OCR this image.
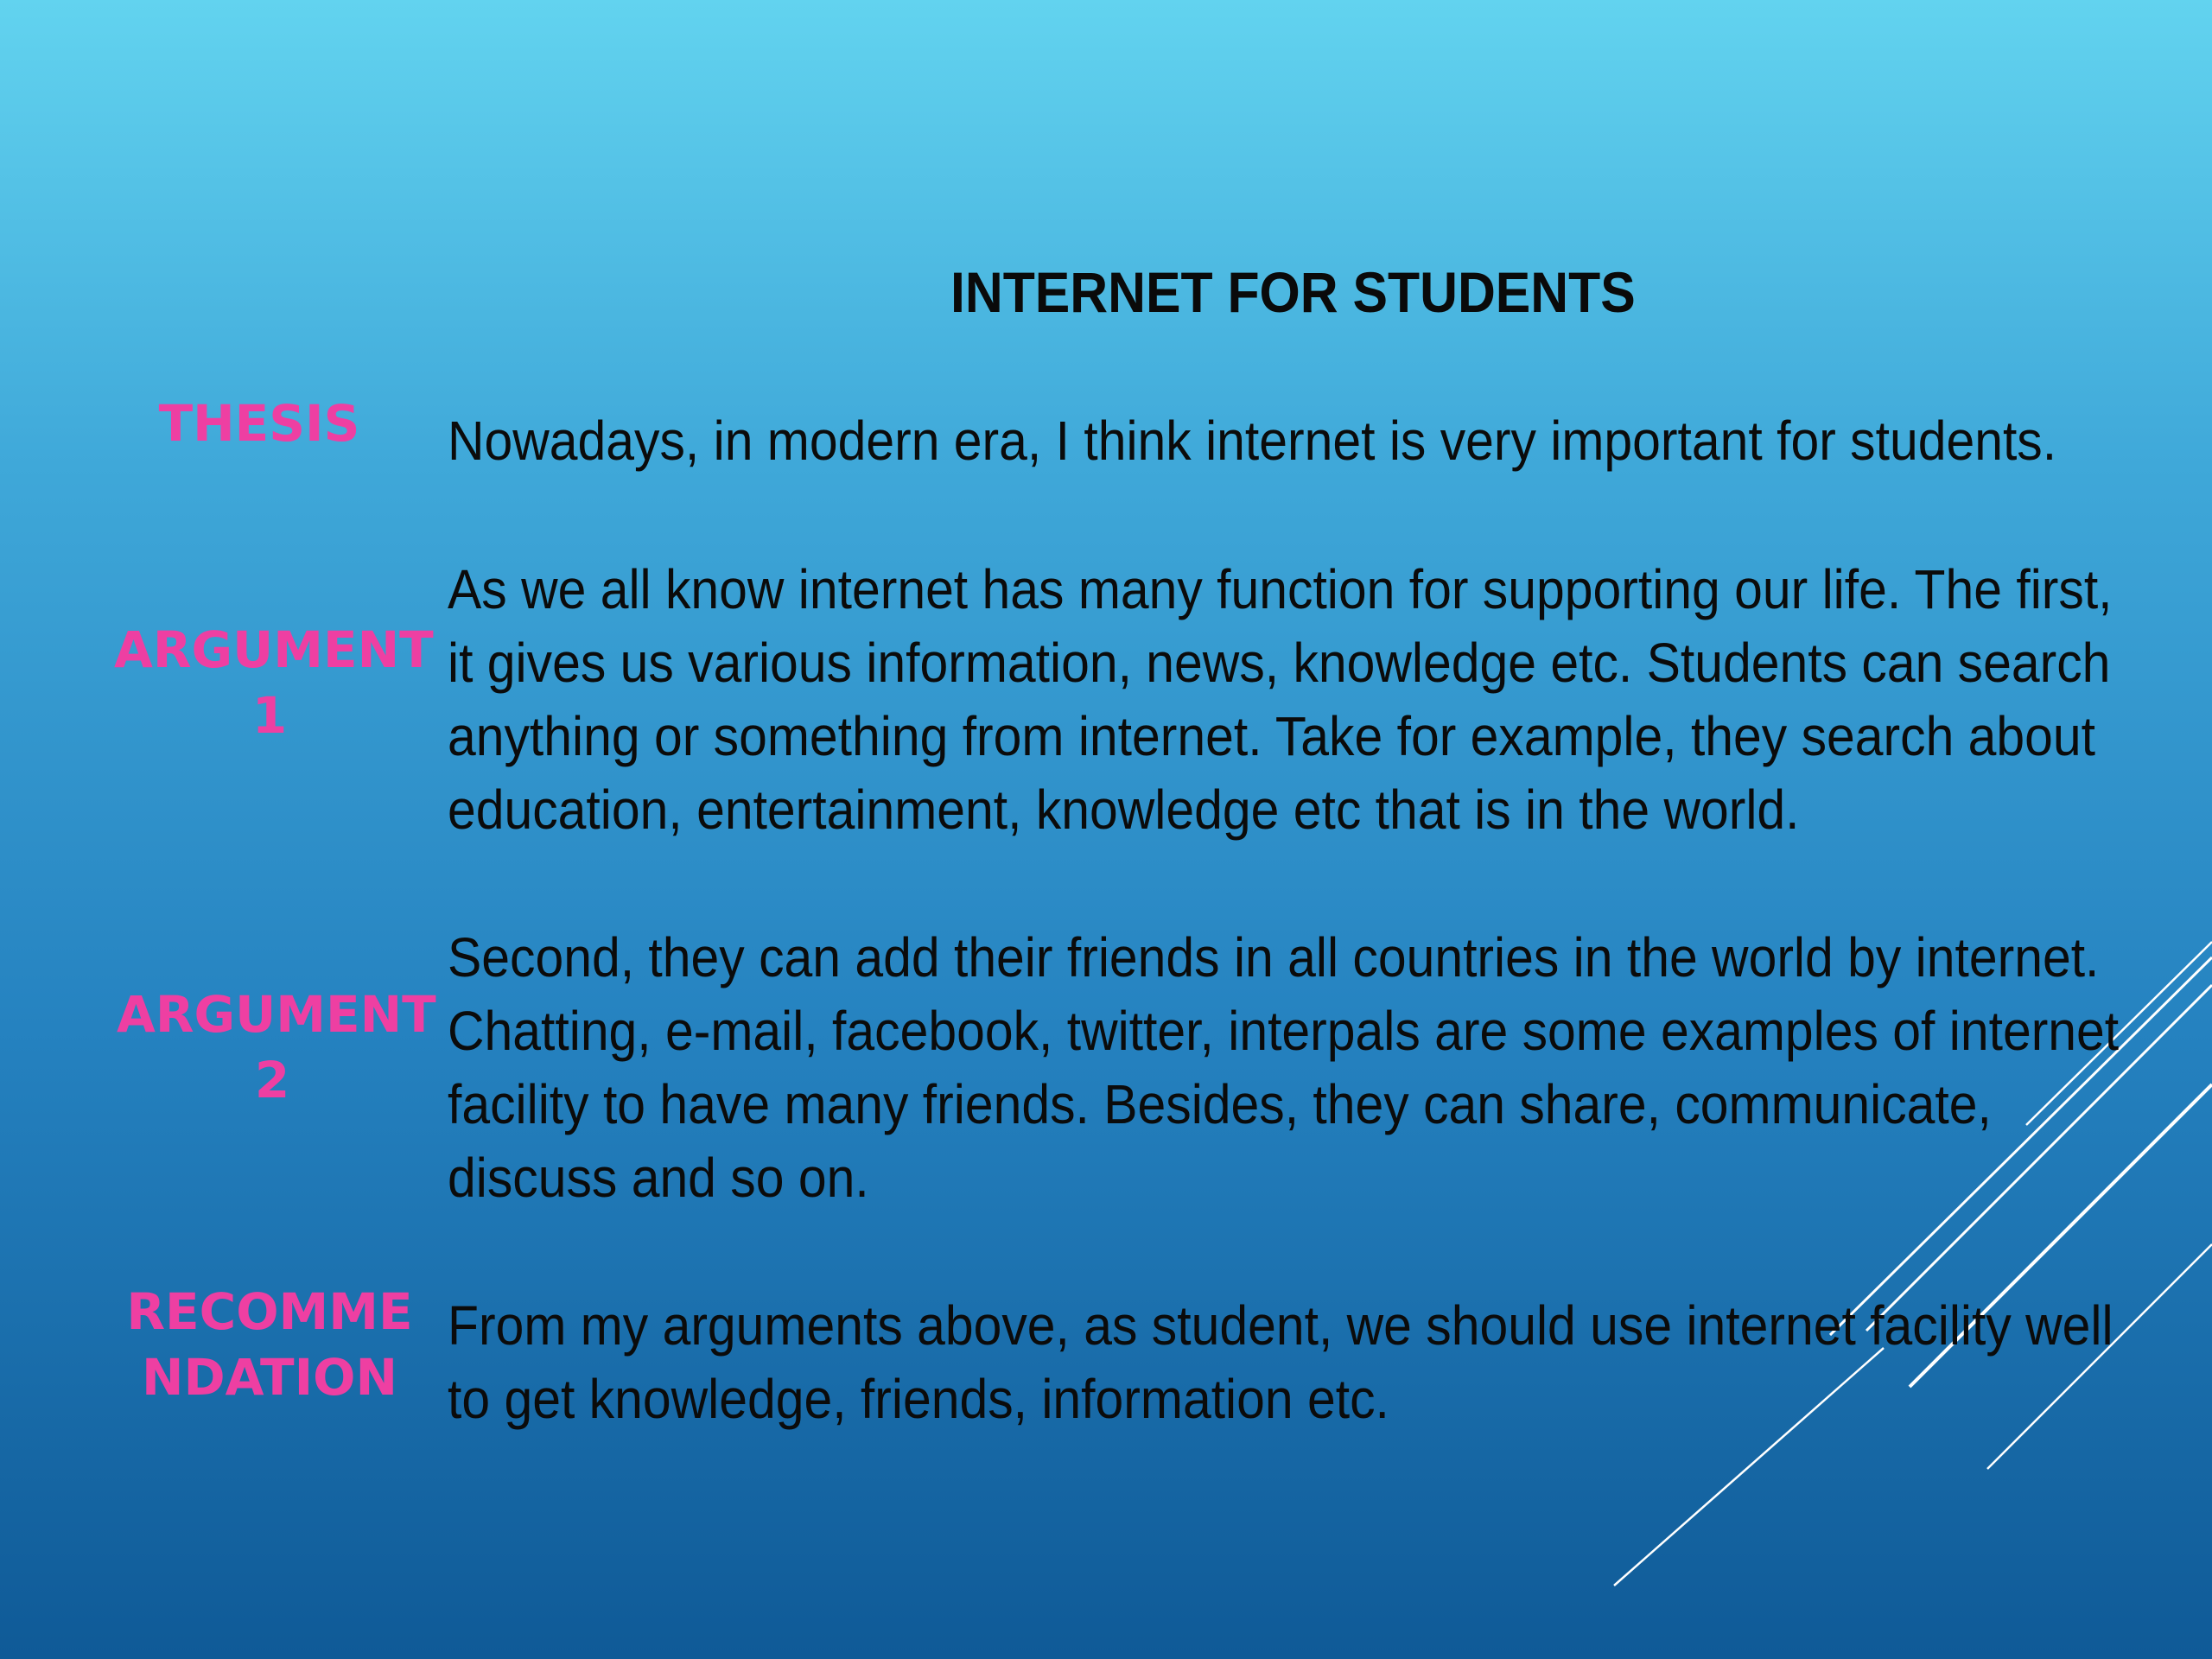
INTERNET FOR STUDENTS
THESIS	Nowadays, in modern era, I think internet is very important for students.

ARGUMENT
1

As we all know internet has many function for supporting our life. The first,

it gives us various information, news, knowledge etc. Students can search

anything or something from internet. Take for example, they search about

education, entertainment, knowledge etc that is in the world.

ARGUMENT
2

Second, they can add their friends in all countries in the world by internet.

Chatting, e-mail, facebook, twitter, interpals are some examples of internet

facility to have many friends. Besides, they can share, communicate,

discuss and so on.

RECOMME
NDATION

From my arguments above, as student, we should use internet facility well

to get knowledge, friends, information etc.
